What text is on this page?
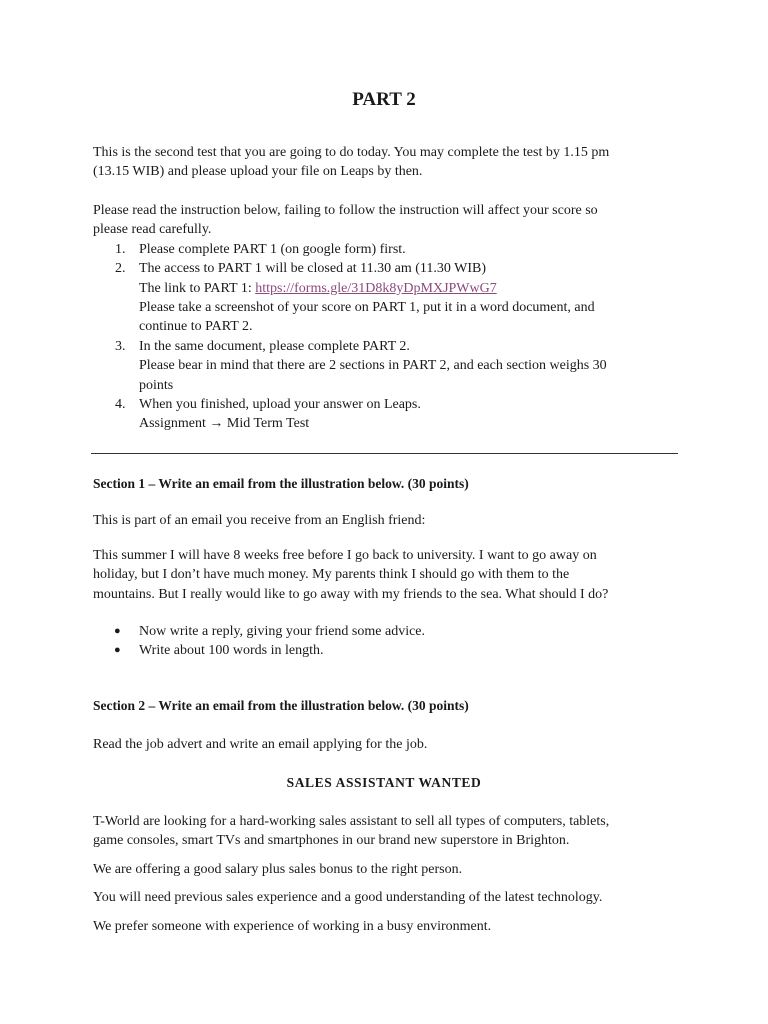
PART 2

This is the second test that you are going to do today. You may complete the test by 1.15 pm

(13.15 WIB) and please upload your file on Leaps by then.

Please read the instruction below, failing to follow the instruction will affect your score so

please read carefully.

1. Please complete PART 1 (on google form) first.
2. The access to PART 1 will be closed at 11.30 am (11.30 WIB)
The link to PART 1: https://forms.gle/31D8k8yDpMXJPWwG7
Please take a screenshot of your score on PART 1, put it in a word document, and
continue to PART 2.
3. In the same document, please complete PART 2.
Please bear in mind that there are 2 sections in PART 2, and each section weighs 30
points
4. When you finished, upload your answer on Leaps.
Assignment → Mid Term Test
Section 1 – Write an email from the illustration below. (30 points)
This is part of an email you receive from an English friend:

This summer I will have 8 weeks free before I go back to university. I want to go away on

holiday, but I don’t have much money. My parents think I should go with them to the

mountains. But I really would like to go away with my friends to the sea. What should I do?

● Now write a reply, giving your friend some advice.
● Write about 100 words in length.
Section 2 – Write an email from the illustration below. (30 points)
Read the job advert and write an email applying for the job.
SALES ASSISTANT WANTED

T-World are looking for a hard-working sales assistant to sell all types of computers, tablets,

game consoles, smart TVs and smartphones in our brand new superstore in Brighton.

We are offering a good salary plus sales bonus to the right person.

You will need previous sales experience and a good understanding of the latest technology.

We prefer someone with experience of working in a busy environment.
